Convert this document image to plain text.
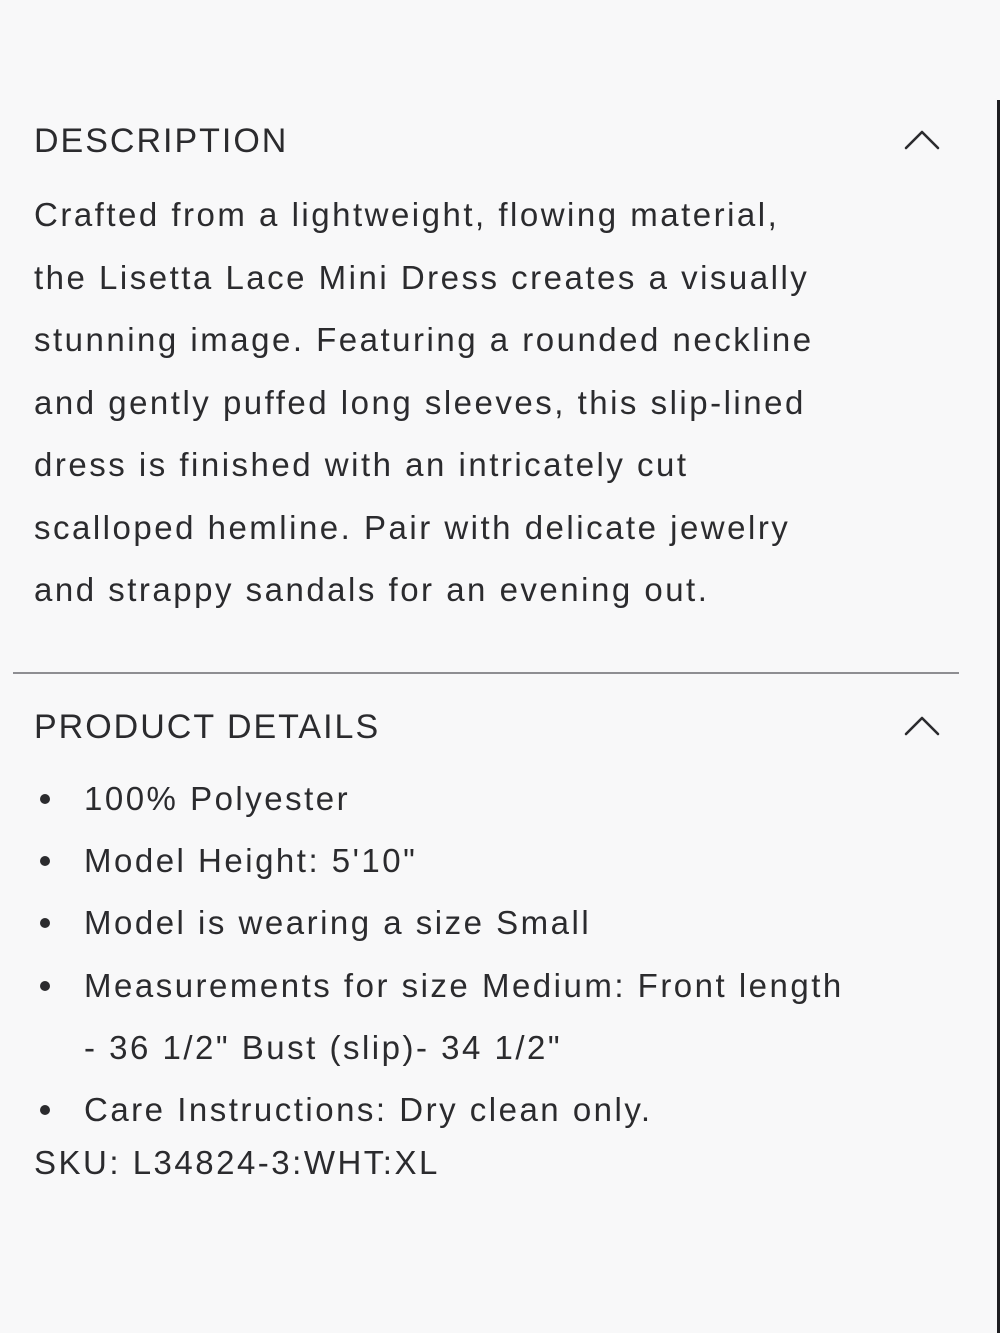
DESCRIPTION
Crafted from a lightweight, flowing material,
the Lisetta Lace Mini Dress creates a visually
stunning image. Featuring a rounded neckline
and gently puffed long sleeves, this slip-lined
dress is finished with an intricately cut
scalloped hemline. Pair with delicate jewelry
and strappy sandals for an evening out.
PRODUCT DETAILS
100% Polyester
Model Height: 5'10"
Model is wearing a size Small
Measurements for size Medium: Front length
- 36 1/2" Bust (slip)- 34 1/2"
Care Instructions: Dry clean only.
SKU: L34824-3:WHT:XL
